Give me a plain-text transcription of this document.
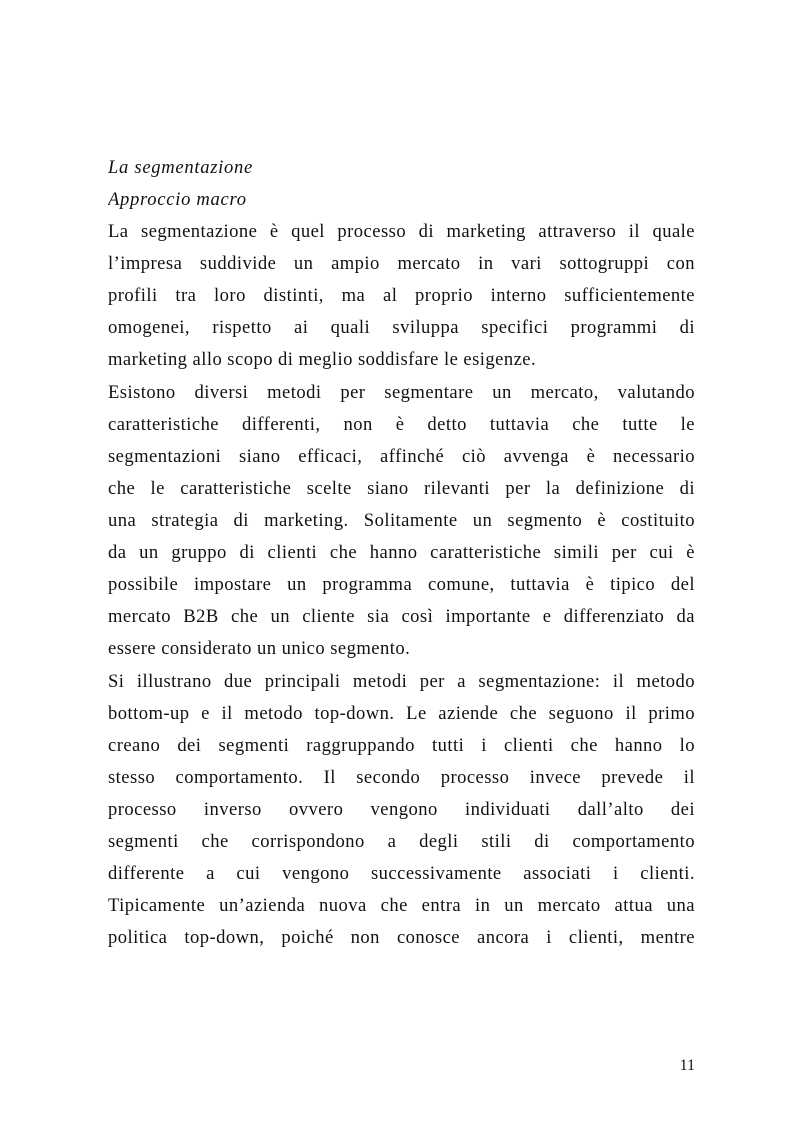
La segmentazione
Approccio macro
La segmentazione è quel processo di marketing attraverso il quale
l’impresa suddivide un ampio mercato in vari sottogruppi con
profili tra loro distinti, ma al proprio interno sufficientemente
omogenei, rispetto ai quali sviluppa specifici programmi di
marketing allo scopo di meglio soddisfare le esigenze.
Esistono diversi metodi per segmentare un mercato, valutando
caratteristiche differenti, non è detto tuttavia che tutte le
segmentazioni siano efficaci, affinché ciò avvenga è necessario
che le caratteristiche scelte siano rilevanti per la definizione di
una strategia di marketing. Solitamente un segmento è costituito
da un gruppo di clienti che hanno caratteristiche simili per cui è
possibile impostare un programma comune, tuttavia è tipico del
mercato B2B che un cliente sia così importante e differenziato da
essere considerato un unico segmento.
Si illustrano due principali metodi per a segmentazione: il metodo
bottom-up e il metodo top-down. Le aziende che seguono il primo
creano dei segmenti raggruppando tutti i clienti che hanno lo
stesso comportamento. Il secondo processo invece prevede il
processo inverso ovvero vengono individuati dall’alto dei
segmenti che corrispondono a degli stili di comportamento
differente a cui vengono successivamente associati i clienti.
Tipicamente un’azienda nuova che entra in un mercato attua una
politica top-down, poiché non conosce ancora i clienti, mentre
11
